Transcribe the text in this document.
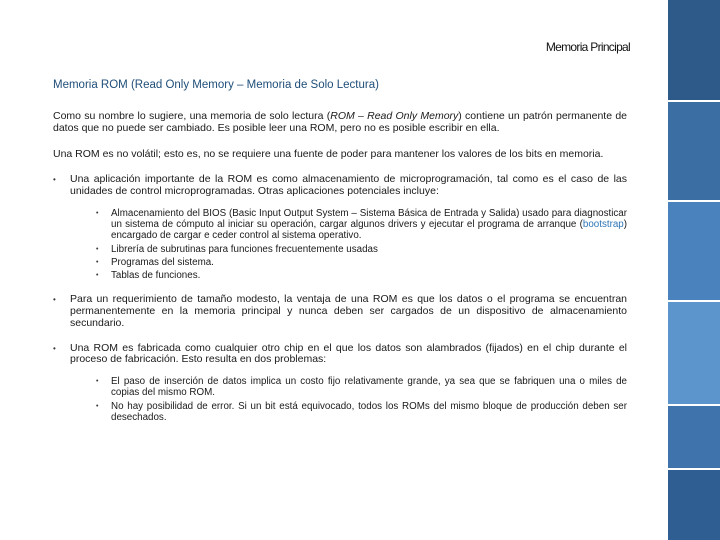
Memoria Principal
Memoria ROM (Read Only Memory – Memoria de Solo Lectura)

Como su nombre lo sugiere, una memoria de solo lectura (ROM – Read Only Memory) contiene un patrón permanente de datos que no puede ser cambiado. Es posible leer una ROM, pero no es posible escribir en ella.

Una ROM es no volátil; esto es, no se requiere una fuente de poder para mantener los valores de los bits en memoria.

• Una aplicación importante de la ROM es como almacenamiento de microprogramación, tal como es el caso de las unidades de control microprogramadas. Otras aplicaciones potenciales incluye:
• Almacenamiento del BIOS (Basic Input Output System – Sistema Básica de Entrada y Salida) usado para diagnosticar un sistema de cómputo al iniciar su operación, cargar algunos drivers y ejecutar el programa de arranque (bootstrap) encargado de cargar e ceder control al sistema operativo.
• Librería de subrutinas para funciones frecuentemente usadas
• Programas del sistema.
• Tablas de funciones.
• Para un requerimiento de tamaño modesto, la ventaja de una ROM es que los datos o el programa se encuentran permanentemente en la memoria principal y nunca deben ser cargados de un dispositivo de almacenamiento secundario.
• Una ROM es fabricada como cualquier otro chip en el que los datos son alambrados (fijados) en el chip durante el proceso de fabricación. Esto resulta en dos problemas:
• El paso de inserción de datos implica un costo fijo relativamente grande, ya sea que se fabriquen una o miles de copias del mismo ROM.
• No hay posibilidad de error. Si un bit está equivocado, todos los ROMs del mismo bloque de producción deben ser desechados.
